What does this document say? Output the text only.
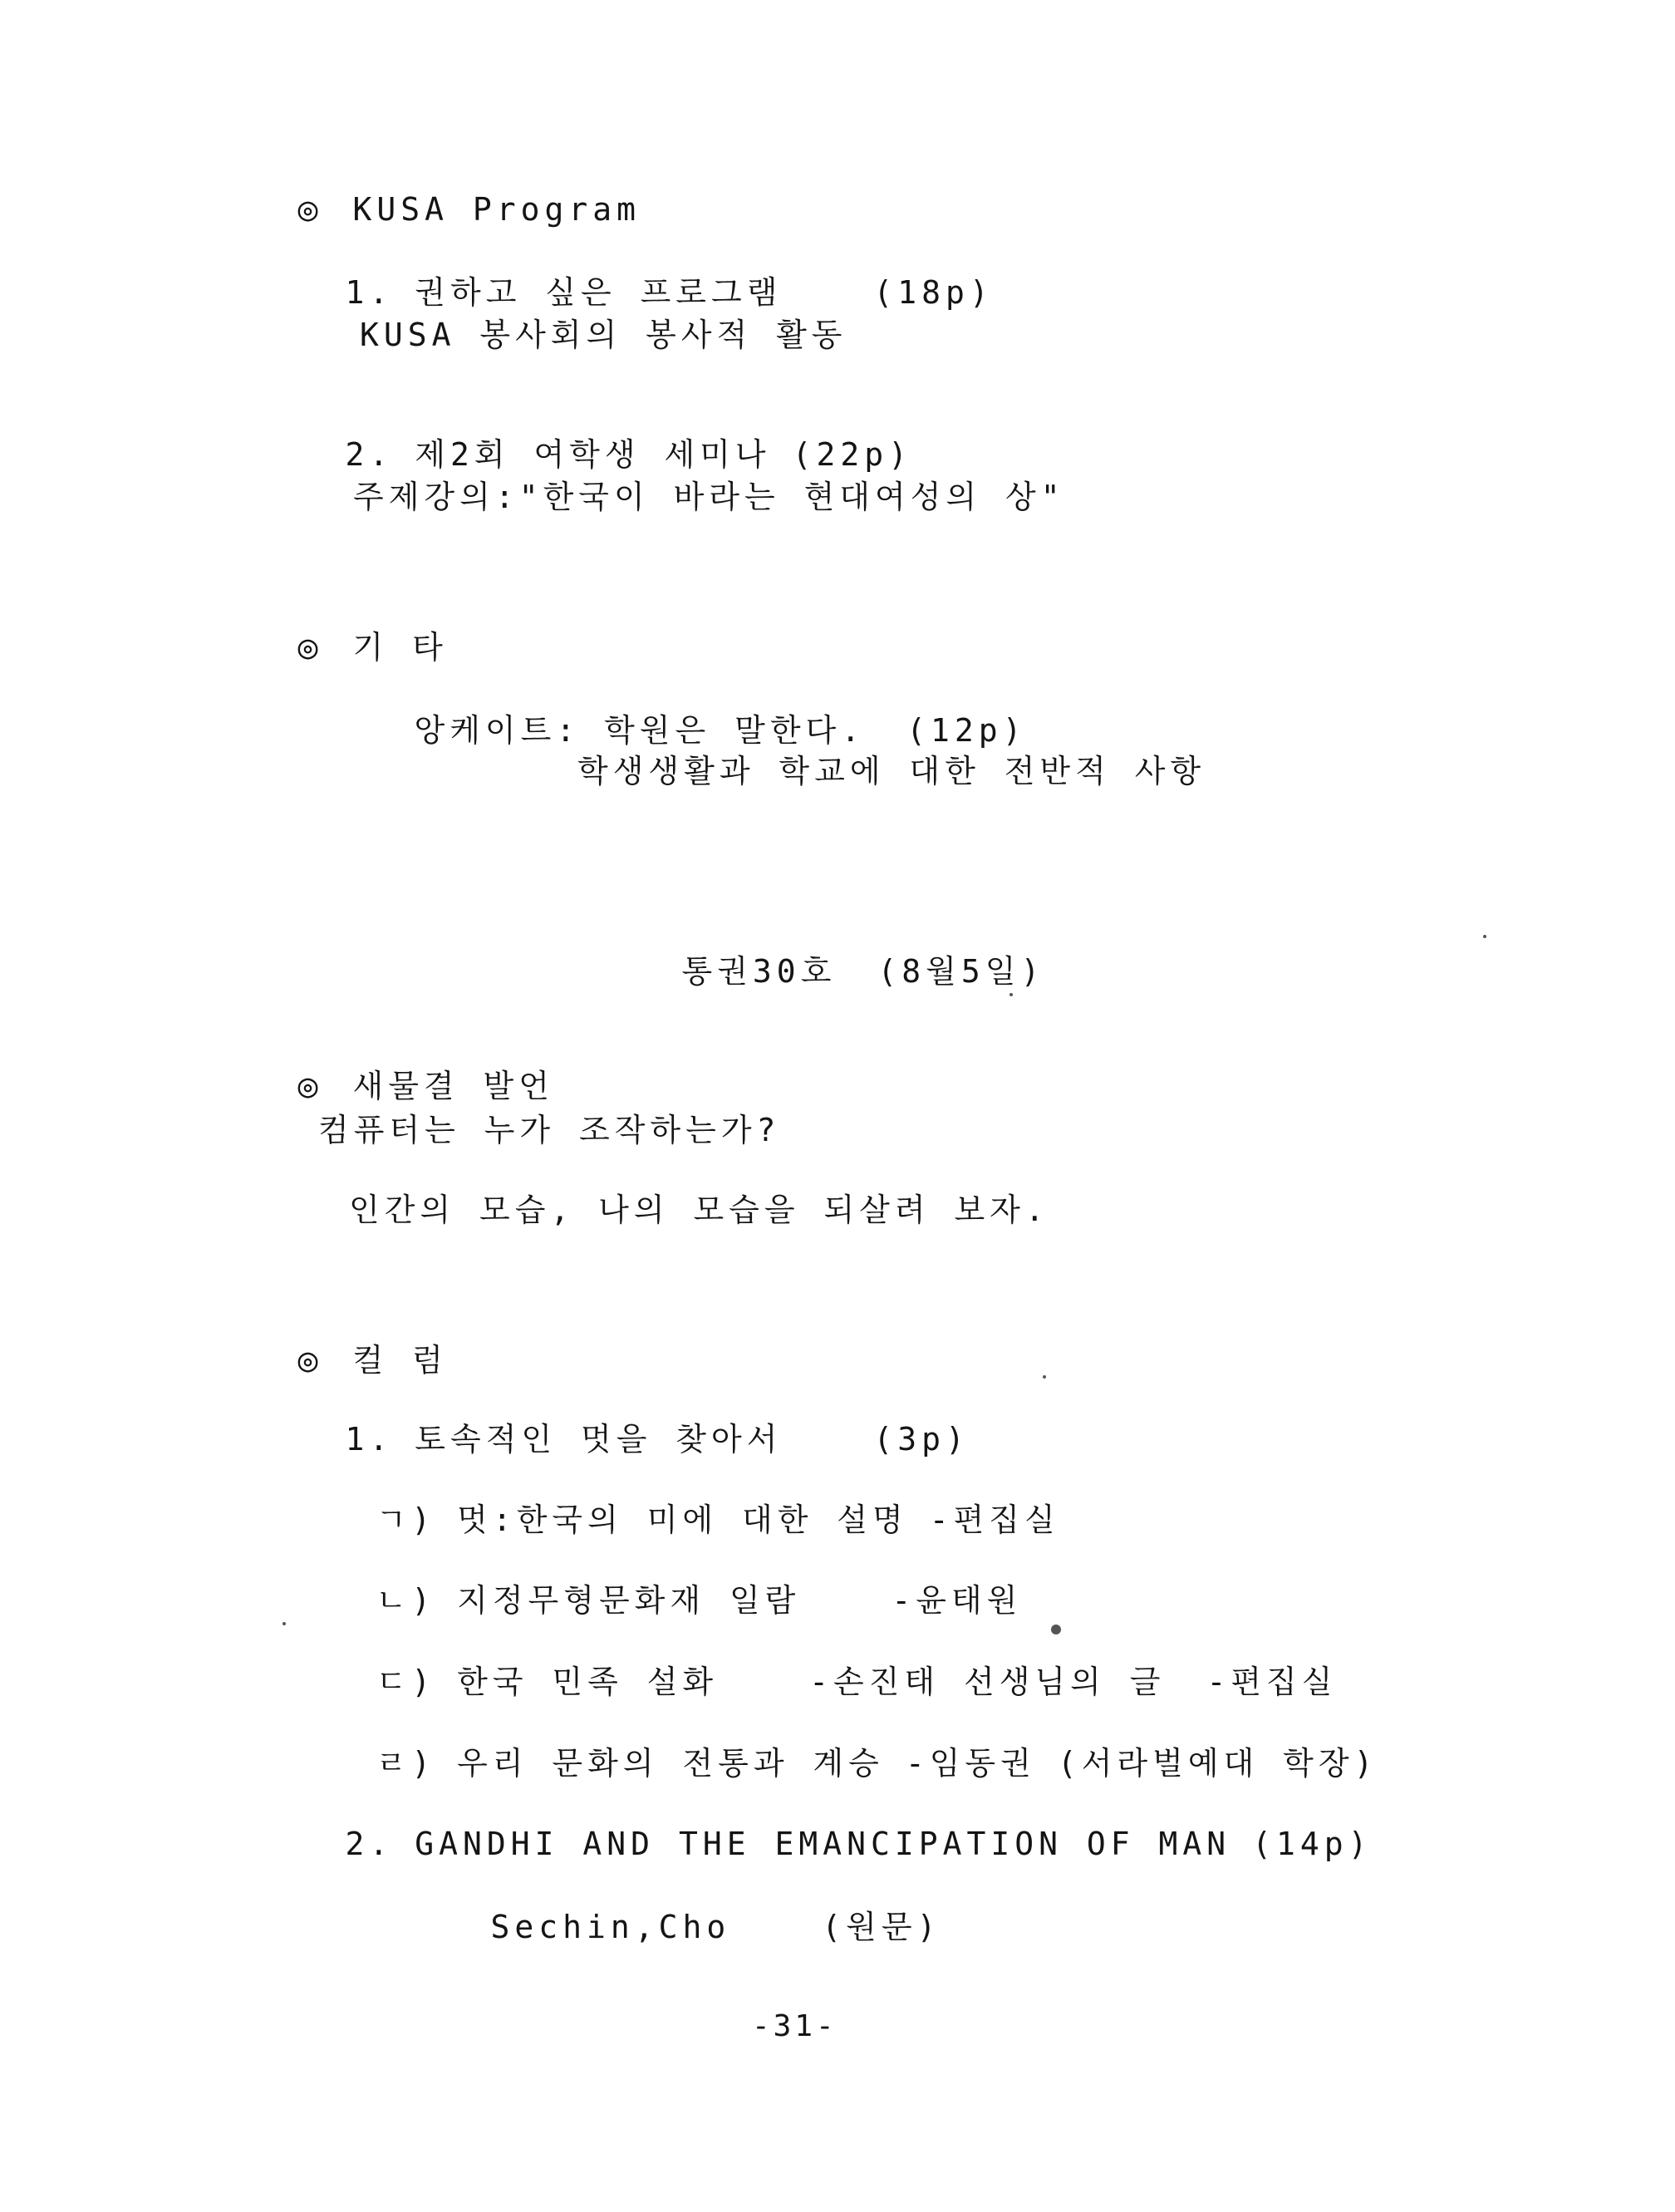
◎ KUSA Program

1. 권하고 싶은 프로그램	(18p)

KUSA 봉사회의 봉사적 활동

2. 제2회 여학생 세미나 (22p)

주제강의:"한국이 바라는 현대여성의 상"

◎ 기 타

앙케이트: 학원은 말한다. (12p)

학생생활과 학교에 대한 전반적 사항

통권30호 (8월5일)

◎ 새물결 발언

컴퓨터는 누가 조작하는가?
인간의 모습, 나의 모습을 되살려 보자.

◎ 컬 럼

1. 토속적인 멋을 찾아서	(3p)

ㄱ) 멋:한국의 미에 대한 설명 -편집실

ㄴ) 지정무형문화재 일람	-윤태원

ㄷ) 한국 민족 설화	-손진태 선생님의 글 -편집실

ㄹ) 우리 문화의 전통과 계승 -임동권 (서라벌예대 학장)

2. GANDHI AND THE EMANCIPATION OF MAN (14p)

Sechin,Cho	(원문)

-31-
